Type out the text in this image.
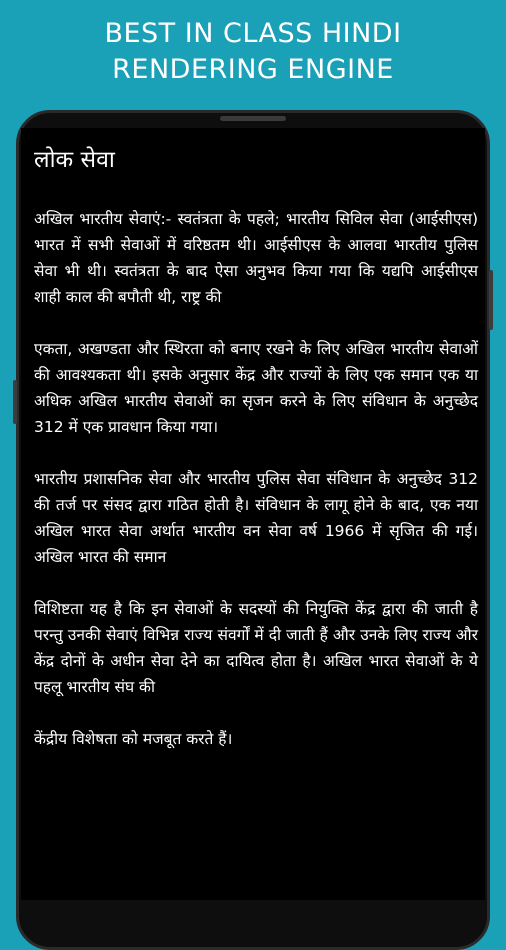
BEST IN CLASS HINDI
RENDERING ENGINE
लोक सेवा

अखिल भारतीय सेवाएं:- स्वतंत्रता के पहले; भारतीय सिविल सेवा (आईसीएस) भारत में सभी सेवाओं में वरिष्ठतम थी। आईसीएस के आलवा भारतीय पुलिस सेवा भी थी। स्वतंत्रता के बाद ऐसा अनुभव किया गया कि यद्यपि आईसीएस शाही काल की बपौती थी, राष्ट्र की

एकता, अखण्डता और स्थिरता को बनाए रखने के लिए अखिल भारतीय सेवाओं की आवश्यकता थी। इसके अनुसार केंद्र और राज्यों के लिए एक समान एक या अधिक अखिल भारतीय सेवाओं का सृजन करने के लिए संविधान के अनुच्छेद 312 में एक प्रावधान किया गया।

भारतीय प्रशासनिक सेवा और भारतीय पुलिस सेवा संविधान के अनुच्छेद 312 की तर्ज पर संसद द्वारा गठित होती है। संविधान के लागू होने के बाद, एक नया अखिल भारत सेवा अर्थात भारतीय वन सेवा वर्ष 1966 में सृजित की गई। अखिल भारत की समान

विशिष्टता यह है कि इन सेवाओं के सदस्यों की नियुक्ति केंद्र द्वारा की जाती है परन्तु उनकी सेवाएं विभिन्न राज्य संवर्गों में दी जाती हैं और उनके लिए राज्य और केंद्र दोनों के अधीन सेवा देने का दायित्व होता है। अखिल भारत सेवाओं के ये पहलू भारतीय संघ की

केंद्रीय विशेषता को मजबूत करते हैं।
